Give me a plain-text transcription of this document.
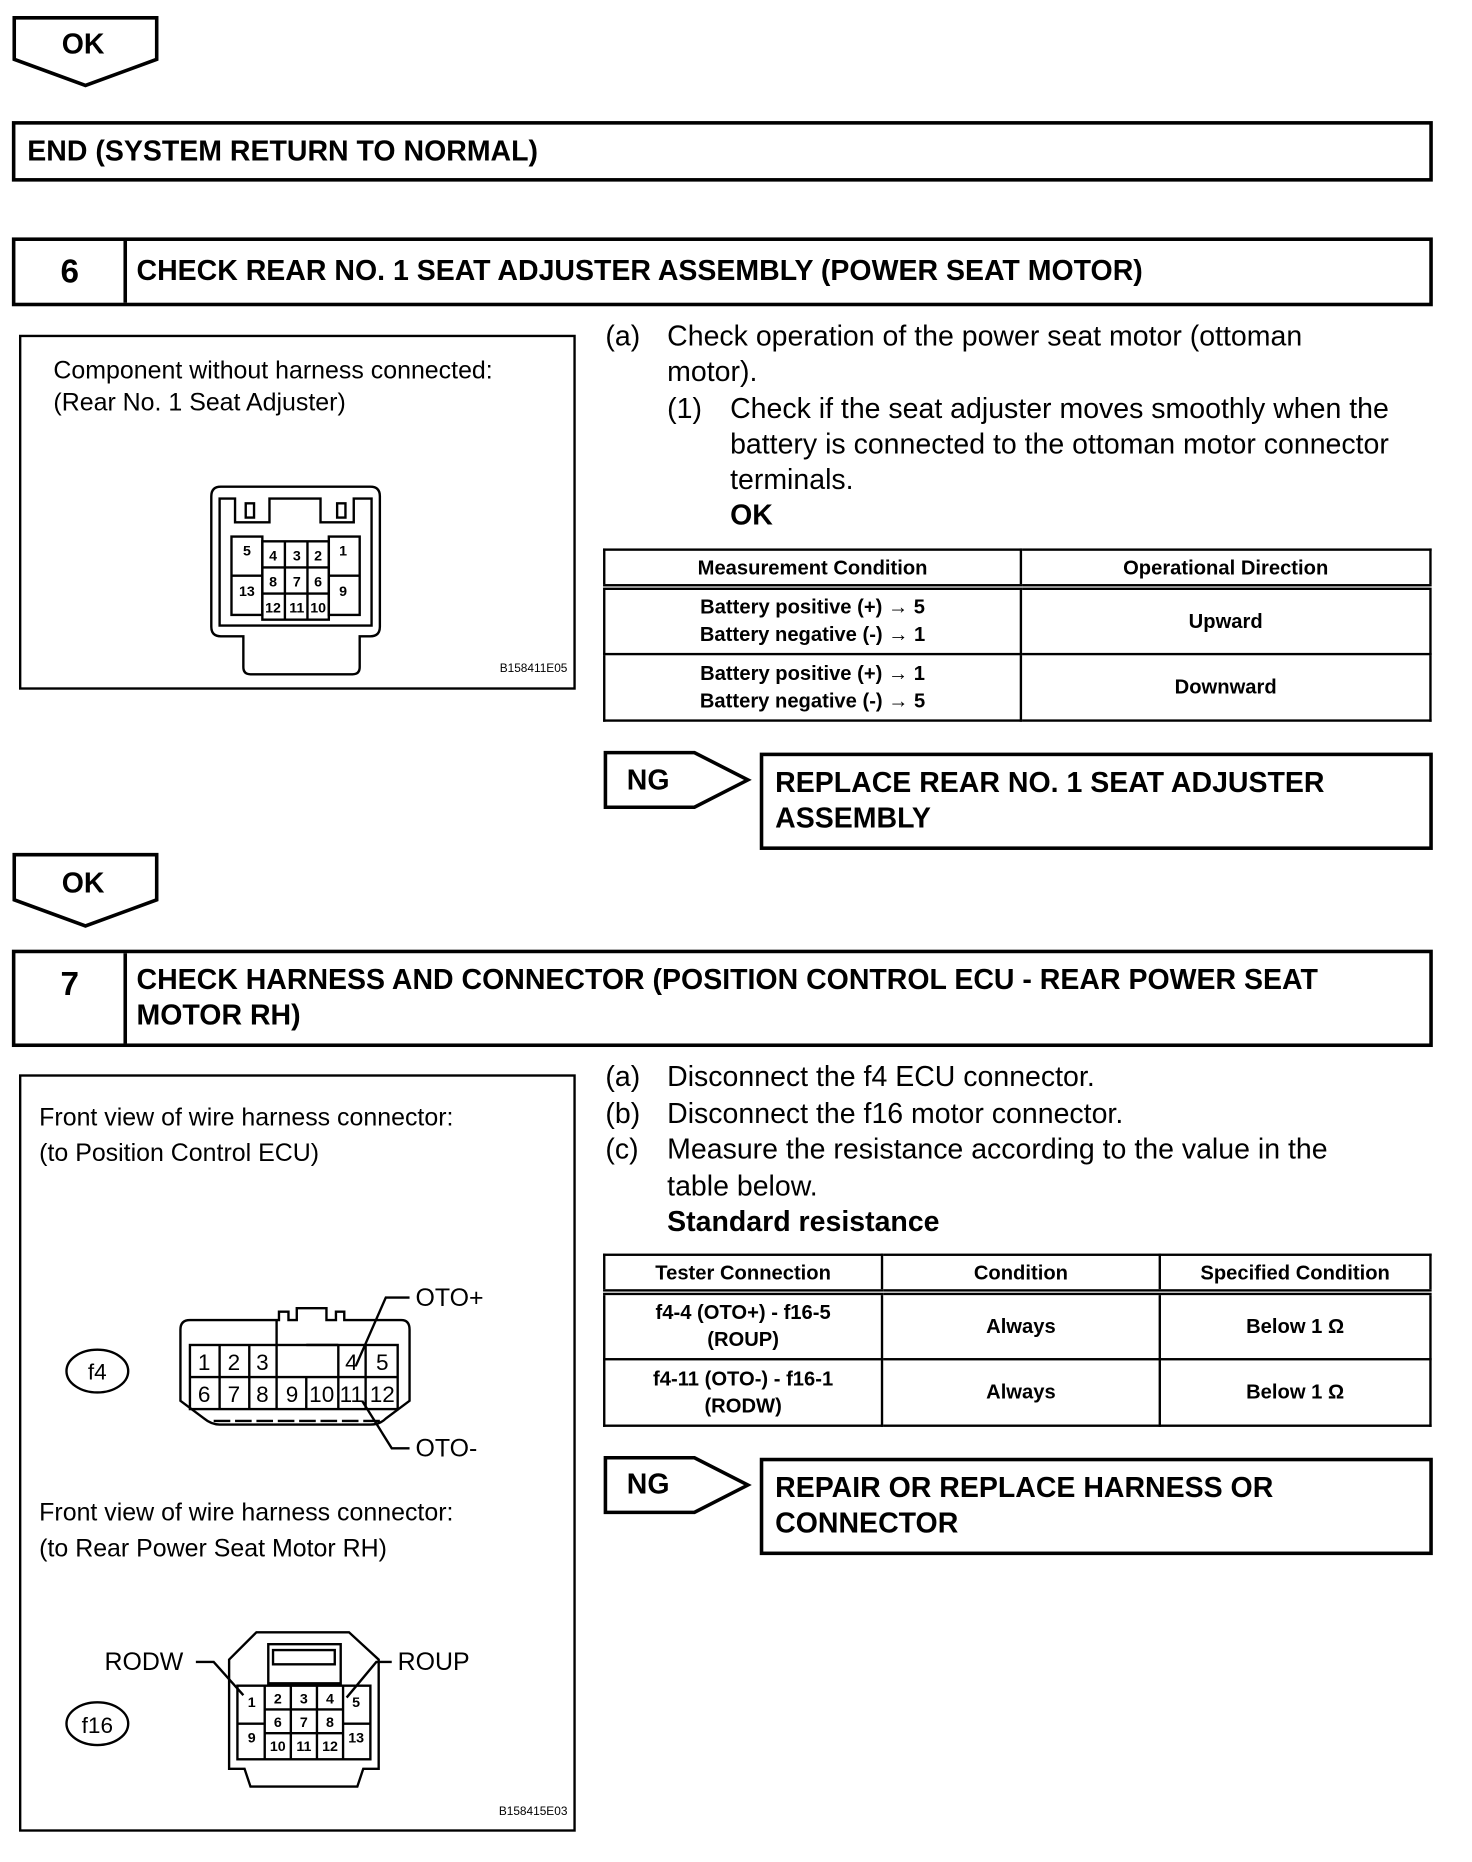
OK
OK
NG
NG
END (SYSTEM RETURN TO NORMAL)
6 CHECK REAR NO. 1 SEAT ADJUSTER ASSEMBLY (POWER SEAT MOTOR)
Component without harness connected:
(Rear No. 1 Seat Adjuster)
(a)	Check operation of the power seat motor (ottoman
motor).
(1)	Check if the seat adjuster moves smoothly when the
battery is connected to the ottoman motor connector
terminals.
OK
Measurement Condition	Operational Direction

Battery positive (+) → 5
Battery negative (-) → 1	Upward

Battery positive (+) → 1
Battery negative (-) → 5	Downward
REPLACE REAR NO. 1 SEAT ADJUSTER
ASSEMBLY
7 CHECK HARNESS AND CONNECTOR (POSITION CONTROL ECU - REAR POWER SEAT
MOTOR RH)
Front view of wire harness connector:
(to Position Control ECU)
Front view of wire harness connector:
(to Rear Power Seat Motor RH)
(a) Disconnect the f4 ECU connector.
(b) Disconnect the f16 motor connector.
(c) Measure the resistance according to the value in the
table below.
Standard resistance
Tester Connection	Condition	Specified Condition

f4-4 (OTO+) - f16-5
(ROUP)	Always	Below 1 Ω

f4-11 (OTO-) - f16-1
(RODW)	Always	Below 1 Ω
REPAIR OR REPLACE HARNESS OR
CONNECTOR
1
2
3
4
5
6
7
8
9
10
11
12
13
B158411E05
f4	1 2 3	4 5
6 7 8 9 10 11 12
OTO+
OTO-
f16
1 2 3 4 5
6 7 8
9
10 11 12
13
RODW	ROUP
B158415E03
